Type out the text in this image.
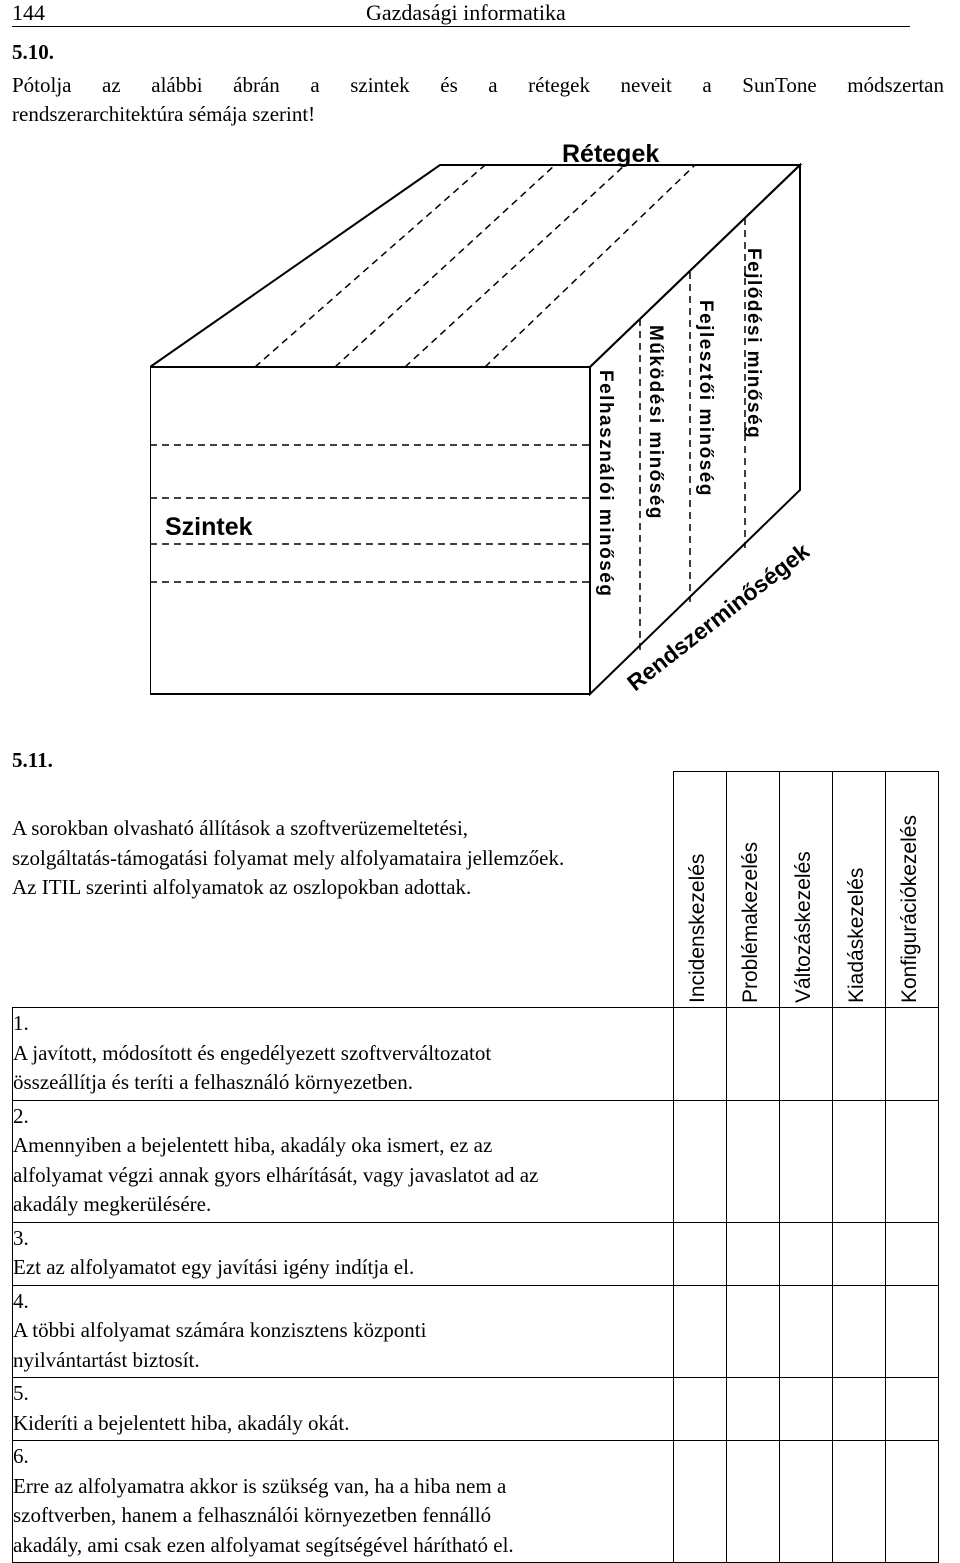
144	Gazdasági informatika
5.10.
Pótolja az alábbi ábrán a szintek és a rétegek neveit a SunTone módszertan
rendszerarchitektúra sémája szerint!
Rétegek
Szintek	Felhasználói minőség Működési minőség Fejlesztői minőség Fejlődési minőség
Rendszerminőségek
5.11.
A sorokban olvasható állítások a szoftverüzemeltetési,
szolgáltatás-támogatási folyamat mely alfolyamataira jellemzőek.
Az ITIL szerinti alfolyamatok az oszlopokban adottak.

	Incidenskezelés	Problémakezelés	Változáskezelés	Kiadáskezelés	Konfigurációkezelés

1.A javított, módosított és engedélyezett szoftverváltozatot
összeállítja és teríti a felhasználó környezetben.					
2.Amennyiben a bejelentett hiba, akadály oka ismert, ez az
alfolyamat végzi annak gyors elhárítását, vagy javaslatot ad az
akadály megkerülésére.					
3.Ezt az alfolyamatot egy javítási igény indítja el.					
4.A többi alfolyamat számára konzisztens központi
nyilvántartást biztosít.					
5.Kideríti a bejelentett hiba, akadály okát.					
6.Erre az alfolyamatra akkor is szükség van, ha a hiba nem a
szoftverben, hanem a felhasználói környezetben fennálló
akadály, ami csak ezen alfolyamat segítségével hárítható el.					
